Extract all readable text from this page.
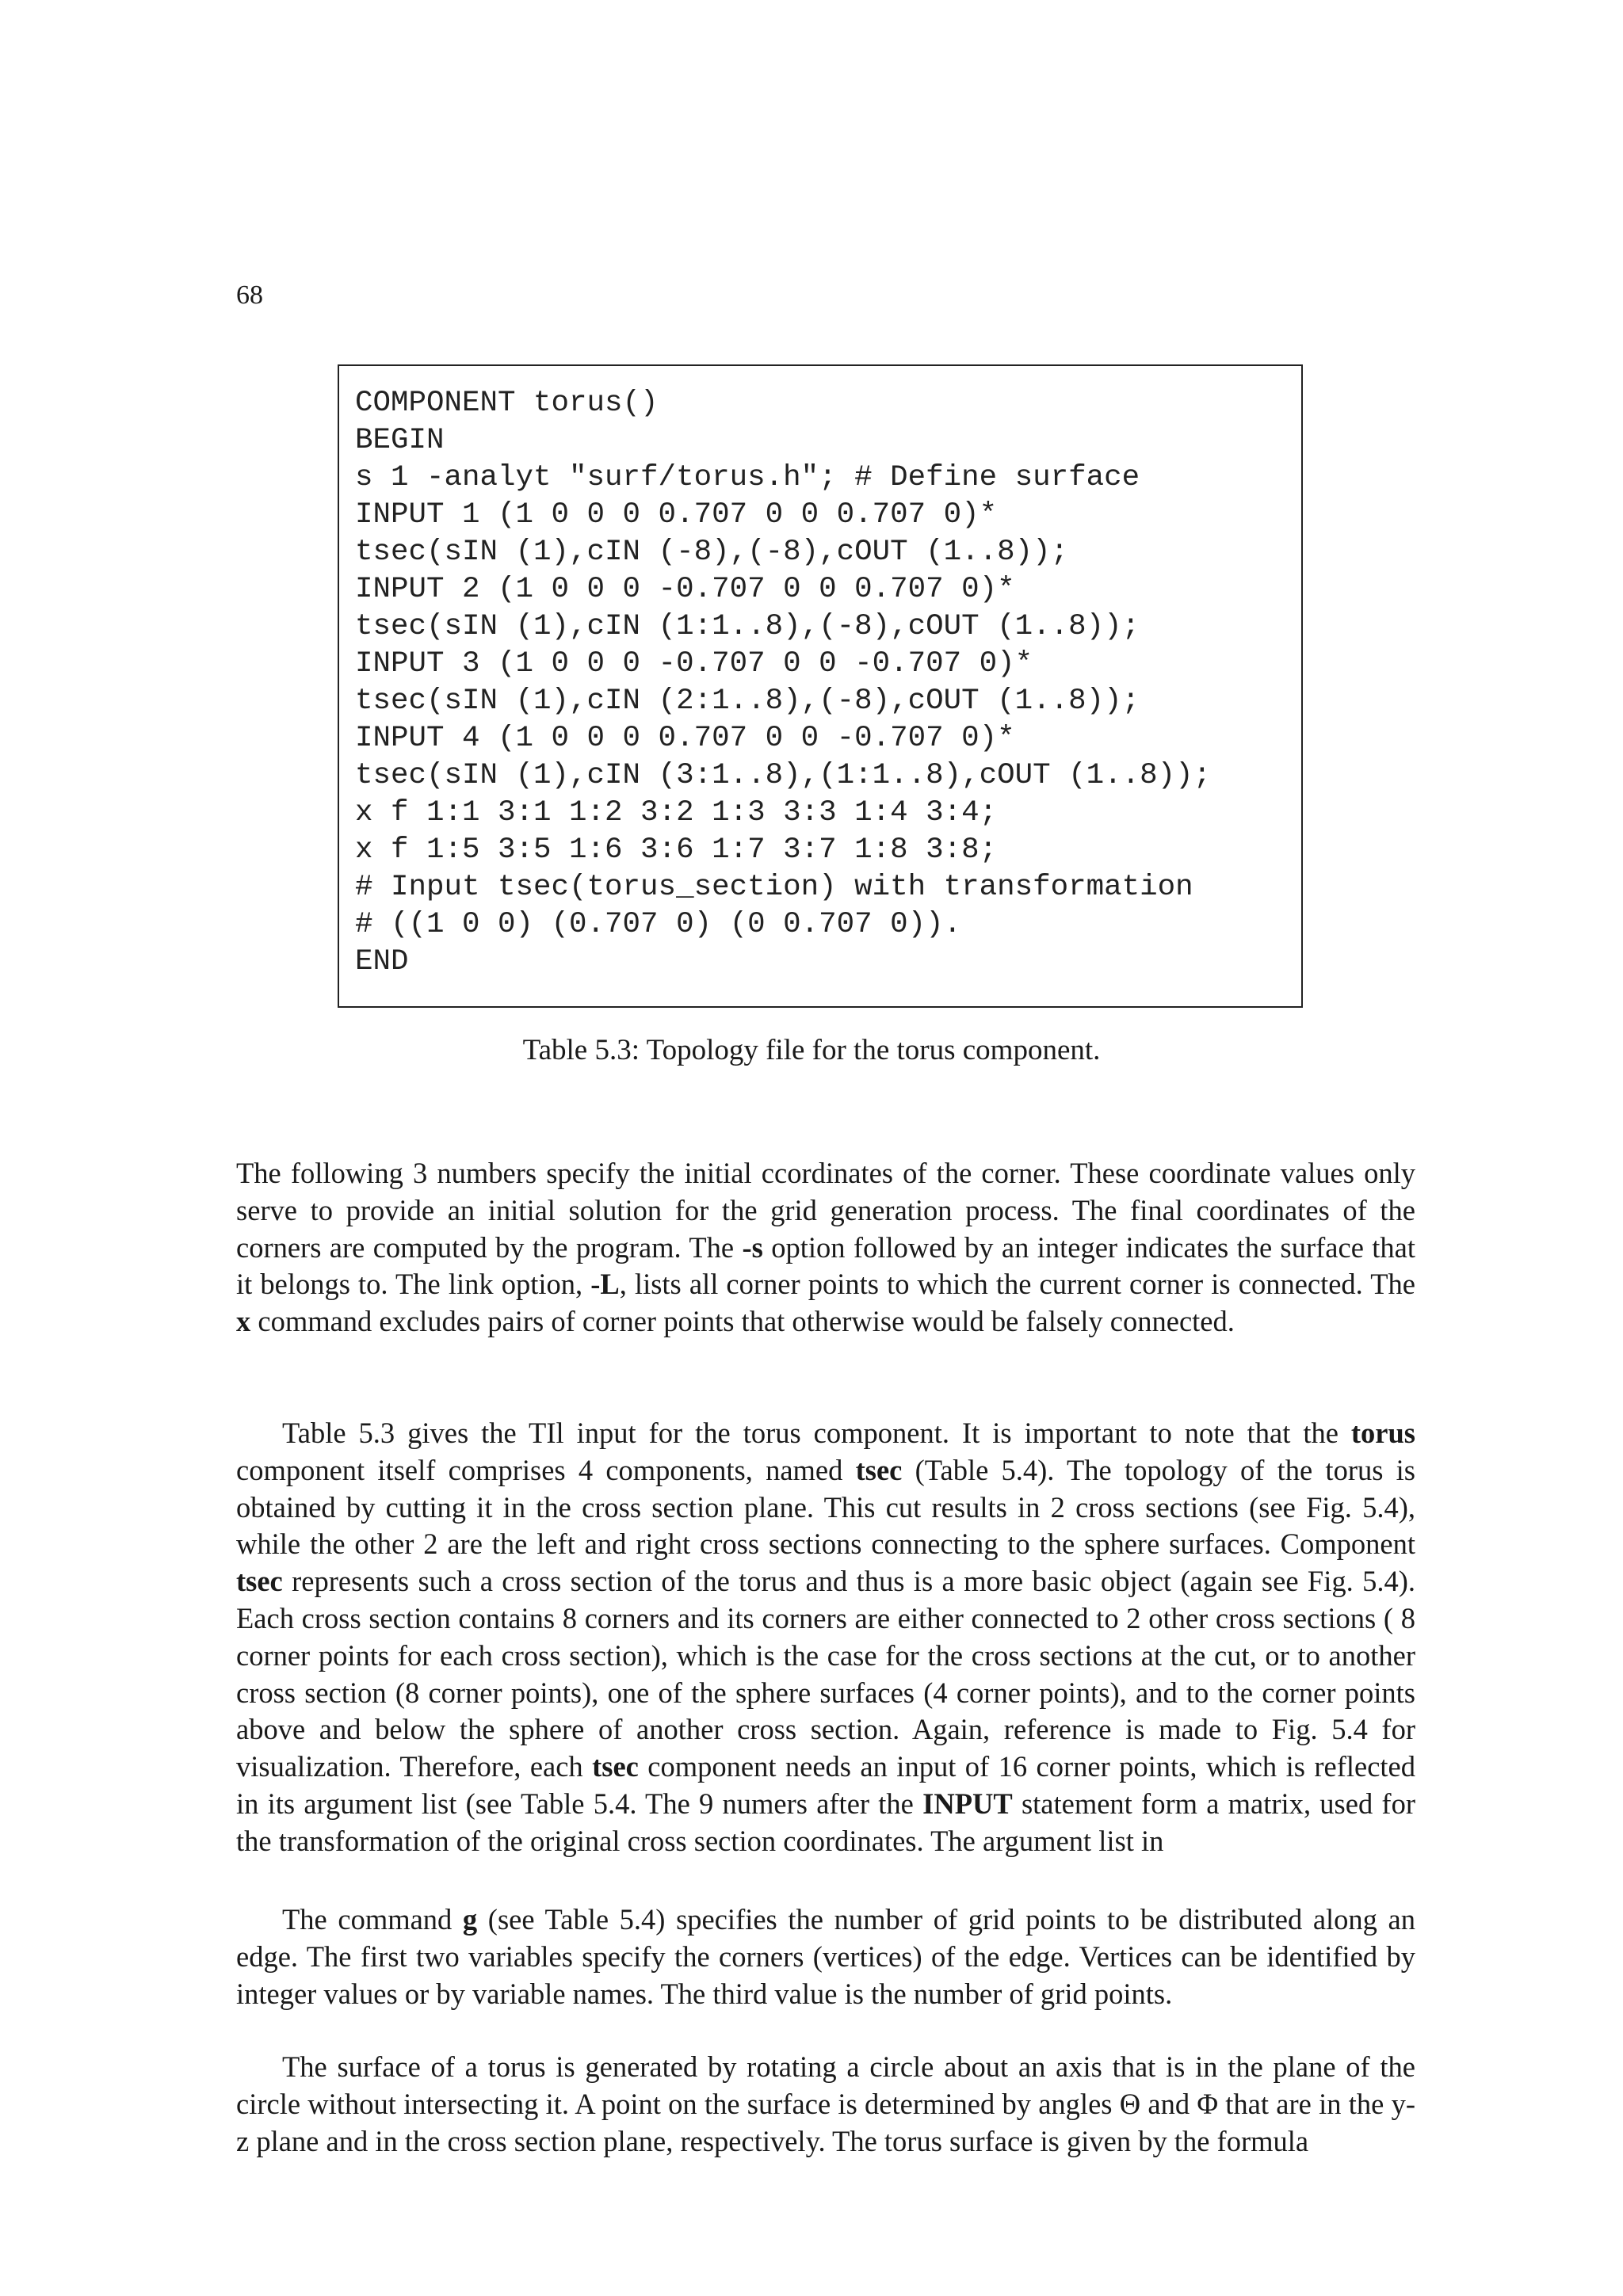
68
COMPONENT torus()
BEGIN
s 1 -analyt "surf/torus.h"; # Define surface
INPUT 1 (1 0 0 0 0.707 0 0 0.707 0)*
tsec(sIN (1),cIN (-8),(-8),cOUT (1..8));
INPUT 2 (1 0 0 0 -0.707 0 0 0.707 0)*
tsec(sIN (1),cIN (1:1..8),(-8),cOUT (1..8));
INPUT 3 (1 0 0 0 -0.707 0 0 -0.707 0)*
tsec(sIN (1),cIN (2:1..8),(-8),cOUT (1..8));
INPUT 4 (1 0 0 0 0.707 0 0 -0.707 0)*
tsec(sIN (1),cIN (3:1..8),(1:1..8),cOUT (1..8));
x f 1:1 3:1 1:2 3:2 1:3 3:3 1:4 3:4;
x f 1:5 3:5 1:6 3:6 1:7 3:7 1:8 3:8;
# Input tsec(torus_section) with transformation
# ((1 0 0) (0.707 0) (0 0.707 0)).
END
Table 5.3: Topology file for the torus component.

The following 3 numbers specify the initial ccordinates of the corner. These coordinate values only serve to provide an initial solution for the grid generation process. The final coordinates of the corners are computed by the program. The -s option followed by an integer indicates the surface that it belongs to. The link option, -L, lists all corner points to which the current corner is connected. The x command excludes pairs of corner points that otherwise would be falsely connected.

Table 5.3 gives the TIl input for the torus component. It is important to note that the torus component itself comprises 4 components, named tsec (Table 5.4). The topology of the torus is obtained by cutting it in the cross section plane. This cut results in 2 cross sections (see Fig. 5.4), while the other 2 are the left and right cross sections connecting to the sphere surfaces. Component tsec represents such a cross section of the torus and thus is a more basic object (again see Fig. 5.4). Each cross section contains 8 corners and its corners are either connected to 2 other cross sections ( 8 corner points for each cross section), which is the case for the cross sections at the cut, or to another cross section (8 corner points), one of the sphere surfaces (4 corner points), and to the corner points above and below the sphere of another cross section. Again, reference is made to Fig. 5.4 for visualization. Therefore, each tsec component needs an input of 16 corner points, which is reflected in its argument list (see Table 5.4. The 9 numers after the INPUT statement form a matrix, used for the transformation of the original cross section coordinates. The argument list in

The command g (see Table 5.4) specifies the number of grid points to be distributed along an edge. The first two variables specify the corners (vertices) of the edge. Vertices can be identified by integer values or by variable names. The third value is the number of grid points.

The surface of a torus is generated by rotating a circle about an axis that is in the plane of the circle without intersecting it. A point on the surface is determined by angles Θ and Φ that are in the y-z plane and in the cross section plane, respectively. The torus surface is given by the formula
